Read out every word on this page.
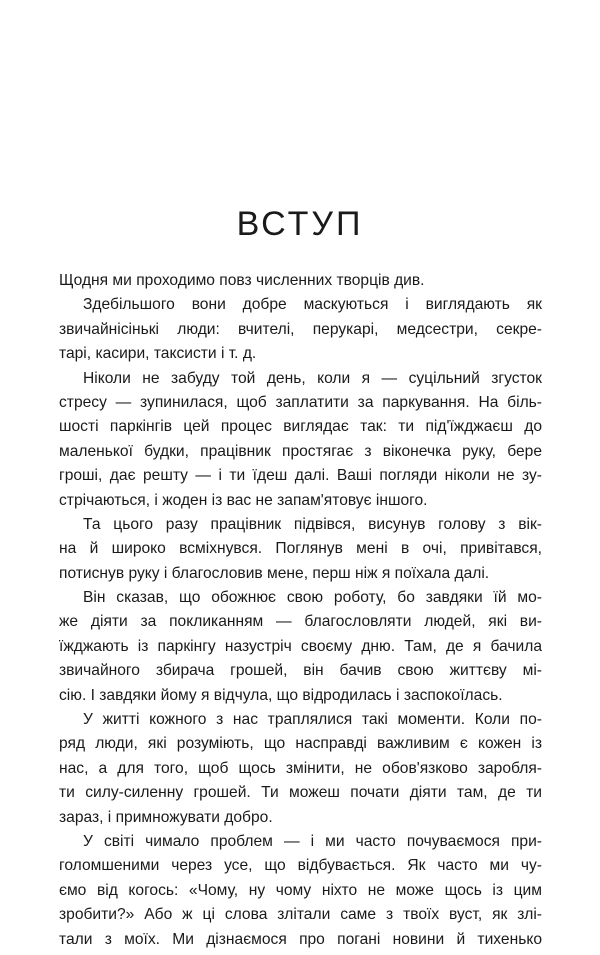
ВСТУП
Щодня ми проходимо повз численних творців див.
Здебільшого вони добре маскуються і виглядають як
звичайнісінькі люди: вчителі, перукарі, медсестри, секре-
тарі, касири, таксисти і т. д.
Ніколи не забуду той день, коли я — суцільний згусток
стресу — зупинилася, щоб заплатити за паркування. На біль-
шості паркінгів цей процес виглядає так: ти під'їжджаєш до
маленької будки, працівник простягає з віконечка руку, бере
гроші, дає решту — і ти їдеш далі. Ваші погляди ніколи не зу-
стрічаються, і жоден із вас не запам'ятовує іншого.
Та цього разу працівник підвівся, висунув голову з вік-
на й широко всміхнувся. Поглянув мені в очі, привітався,
потиснув руку і благословив мене, перш ніж я поїхала далі.
Він сказав, що обожнює свою роботу, бо завдяки їй мо-
же діяти за покликанням — благословляти людей, які ви-
їжджають із паркінгу назустріч своєму дню. Там, де я бачила
звичайного збирача грошей, він бачив свою життєву мі-
сію. І завдяки йому я відчула, що відродилась і заспокоїлась.
У житті кожного з нас траплялися такі моменти. Коли по-
ряд люди, які розуміють, що насправді важливим є кожен із
нас, а для того, щоб щось змінити, не обов'язково заробля-
ти силу-силенну грошей. Ти можеш почати діяти там, де ти
зараз, і примножувати добро.
У світі чимало проблем — і ми часто почуваємося при-
голомшеними через усе, що відбувається. Як часто ми чу-
ємо від когось: «Чому, ну чому ніхто не може щось із цим
зробити?» Або ж ці слова злітали саме з твоїх вуст, як злі-
тали з моїх. Ми дізнаємося про погані новини й тихенько
